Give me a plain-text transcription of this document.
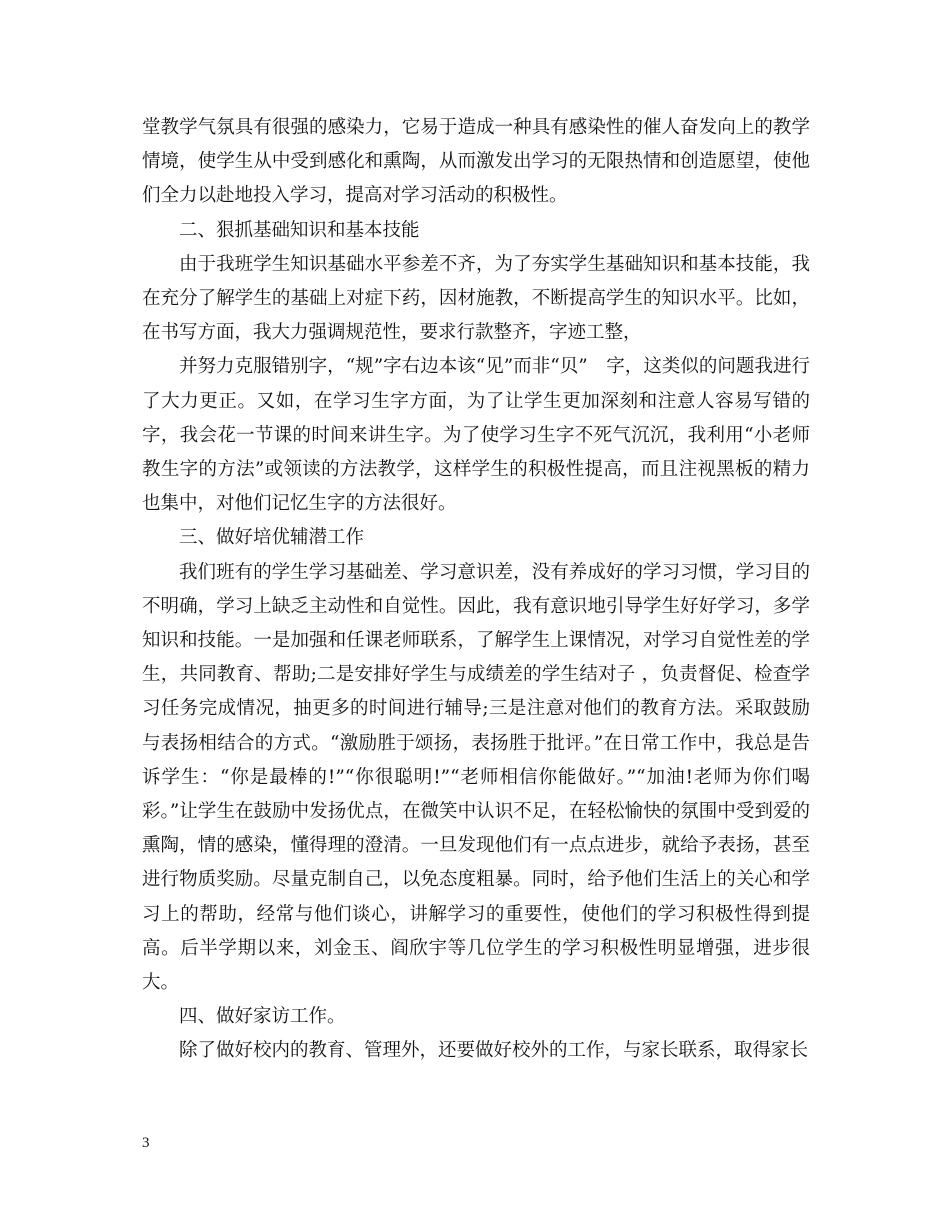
堂教学气氛具有很强的感染力，它易于造成一种具有感染性的催人奋发向上的教学情境，使学生从中受到感化和熏陶，从而激发出学习的无限热情和创造愿望，使他们全力以赴地投入学习，提高对学习活动的积极性。

二、狠抓基础知识和基本技能

由于我班学生知识基础水平参差不齐，为了夯实学生基础知识和基本技能，我在充分了解学生的基础上对症下药，因材施教，不断提高学生的知识水平。比如，在书写方面，我大力强调规范性，要求行款整齐，字迹工整，

并努力克服错别字，“规”字右边本该“见”而非“贝”　字，这类似的问题我进行了大力更正。又如，在学习生字方面，为了让学生更加深刻和注意人容易写错的字，我会花一节课的时间来讲生字。为了使学习生字不死气沉沉，我利用“小老师教生字的方法”或领读的方法教学，这样学生的积极性提高，而且注视黑板的精力也集中，对他们记忆生字的方法很好。

三、做好培优辅潜工作

我们班有的学生学习基础差、学习意识差，没有养成好的学习习惯，学习目的不明确，学习上缺乏主动性和自觉性。因此，我有意识地引导学生好好学习，多学知识和技能。一是加强和任课老师联系，了解学生上课情况，对学习自觉性差的学生，共同教育、帮助;二是安排好学生与成绩差的学生结对子 ，负责督促、检查学习任务完成情况，抽更多的时间进行辅导;三是注意对他们的教育方法。采取鼓励与表扬相结合的方式。“激励胜于颂扬，表扬胜于批评。”在日常工作中，我总是告诉学生：“你是最棒的!”“你很聪明!”“老师相信你能做好。”“加油!老师为你们喝彩。”让学生在鼓励中发扬优点，在微笑中认识不足，在轻松愉快的氛围中受到爱的熏陶，情的感染，懂得理的澄清。一旦发现他们有一点点进步，就给予表扬，甚至进行物质奖励。尽量克制自己，以免态度粗暴。同时，给予他们生活上的关心和学习上的帮助，经常与他们谈心，讲解学习的重要性，使他们的学习积极性得到提高。后半学期以来，刘金玉、阎欣宇等几位学生的学习积极性明显增强，进步很大。

四、做好家访工作。

除了做好校内的教育、管理外，还要做好校外的工作，与家长联系，取得家长

3
